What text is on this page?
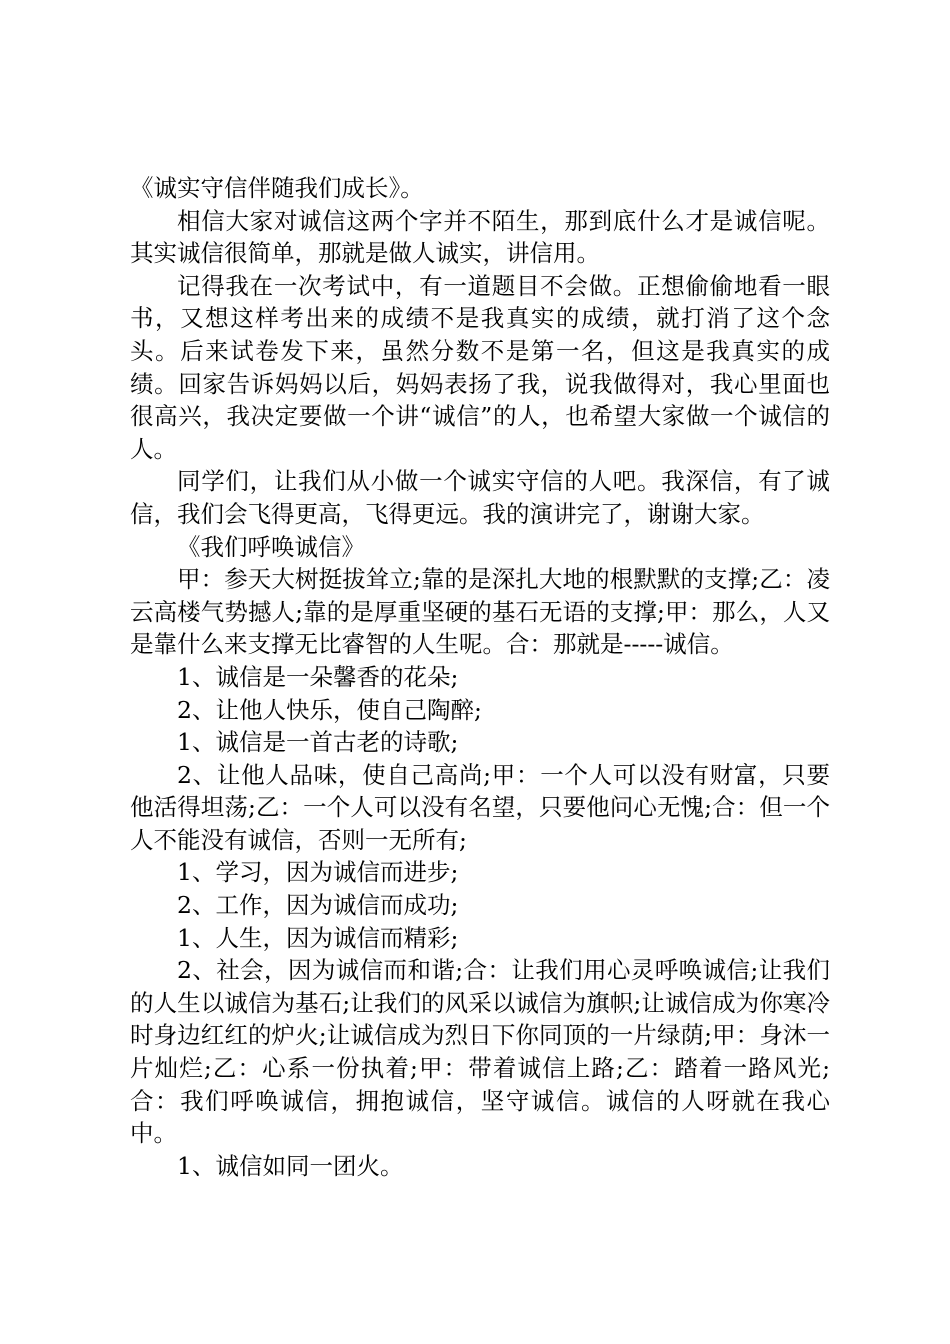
《诚实守信伴随我们成长》。

相信大家对诚信这两个字并不陌生，那到底什么才是诚信呢。其实诚信很简单，那就是做人诚实，讲信用。

记得我在一次考试中，有一道题目不会做。正想偷偷地看一眼书，又想这样考出来的成绩不是我真实的成绩，就打消了这个念头。后来试卷发下来，虽然分数不是第一名，但这是我真实的成绩。回家告诉妈妈以后，妈妈表扬了我，说我做得对，我心里面也很高兴，我决定要做一个讲“诚信”的人，也希望大家做一个诚信的人。

同学们，让我们从小做一个诚实守信的人吧。我深信，有了诚信，我们会飞得更高，飞得更远。我的演讲完了，谢谢大家。

《我们呼唤诚信》

甲：参天大树挺拔耸立;靠的是深扎大地的根默默的支撑;乙：凌云高楼气势撼人;靠的是厚重坚硬的基石无语的支撑;甲：那么，人又是靠什么来支撑无比睿智的人生呢。合：那就是-----诚信。

1、诚信是一朵馨香的花朵;

2、让他人快乐，使自己陶醉;

1、诚信是一首古老的诗歌;

2、让他人品味，使自己高尚;甲：一个人可以没有财富，只要他活得坦荡;乙：一个人可以没有名望，只要他问心无愧;合：但一个人不能没有诚信，否则一无所有;

1、学习，因为诚信而进步;

2、工作，因为诚信而成功;

1、人生，因为诚信而精彩;

2、社会，因为诚信而和谐;合：让我们用心灵呼唤诚信;让我们的人生以诚信为基石;让我们的风采以诚信为旗帜;让诚信成为你寒冷时身边红红的炉火;让诚信成为烈日下你同顶的一片绿荫;甲：身沐一片灿烂;乙：心系一份执着;甲：带着诚信上路;乙：踏着一路风光;合：我们呼唤诚信，拥抱诚信，坚守诚信。诚信的人呀就在我心中。

1、诚信如同一团火。
